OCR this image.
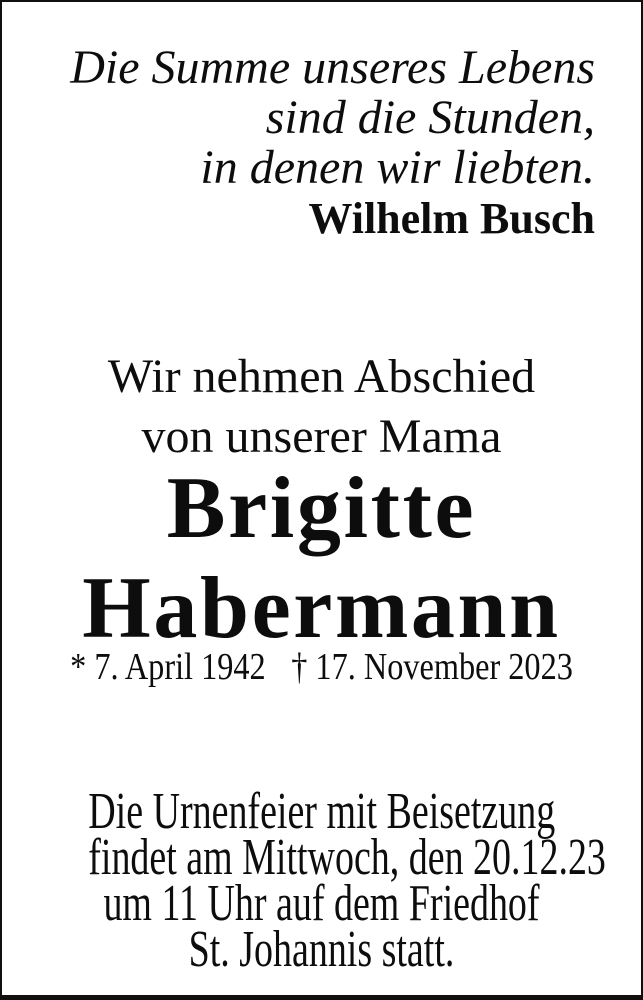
Die Summe unseres Lebens
sind die Stunden,
in denen wir liebten.
Wilhelm Busch
Wir nehmen Abschied
von unserer Mama
Brigitte
Habermann
* 7. April 1942 † 17. November 2023
Die Urnenfeier mit Beisetzung
findet am Mittwoch, den 20.12.23
um 11 Uhr auf dem Friedhof
St. Johannis statt.
